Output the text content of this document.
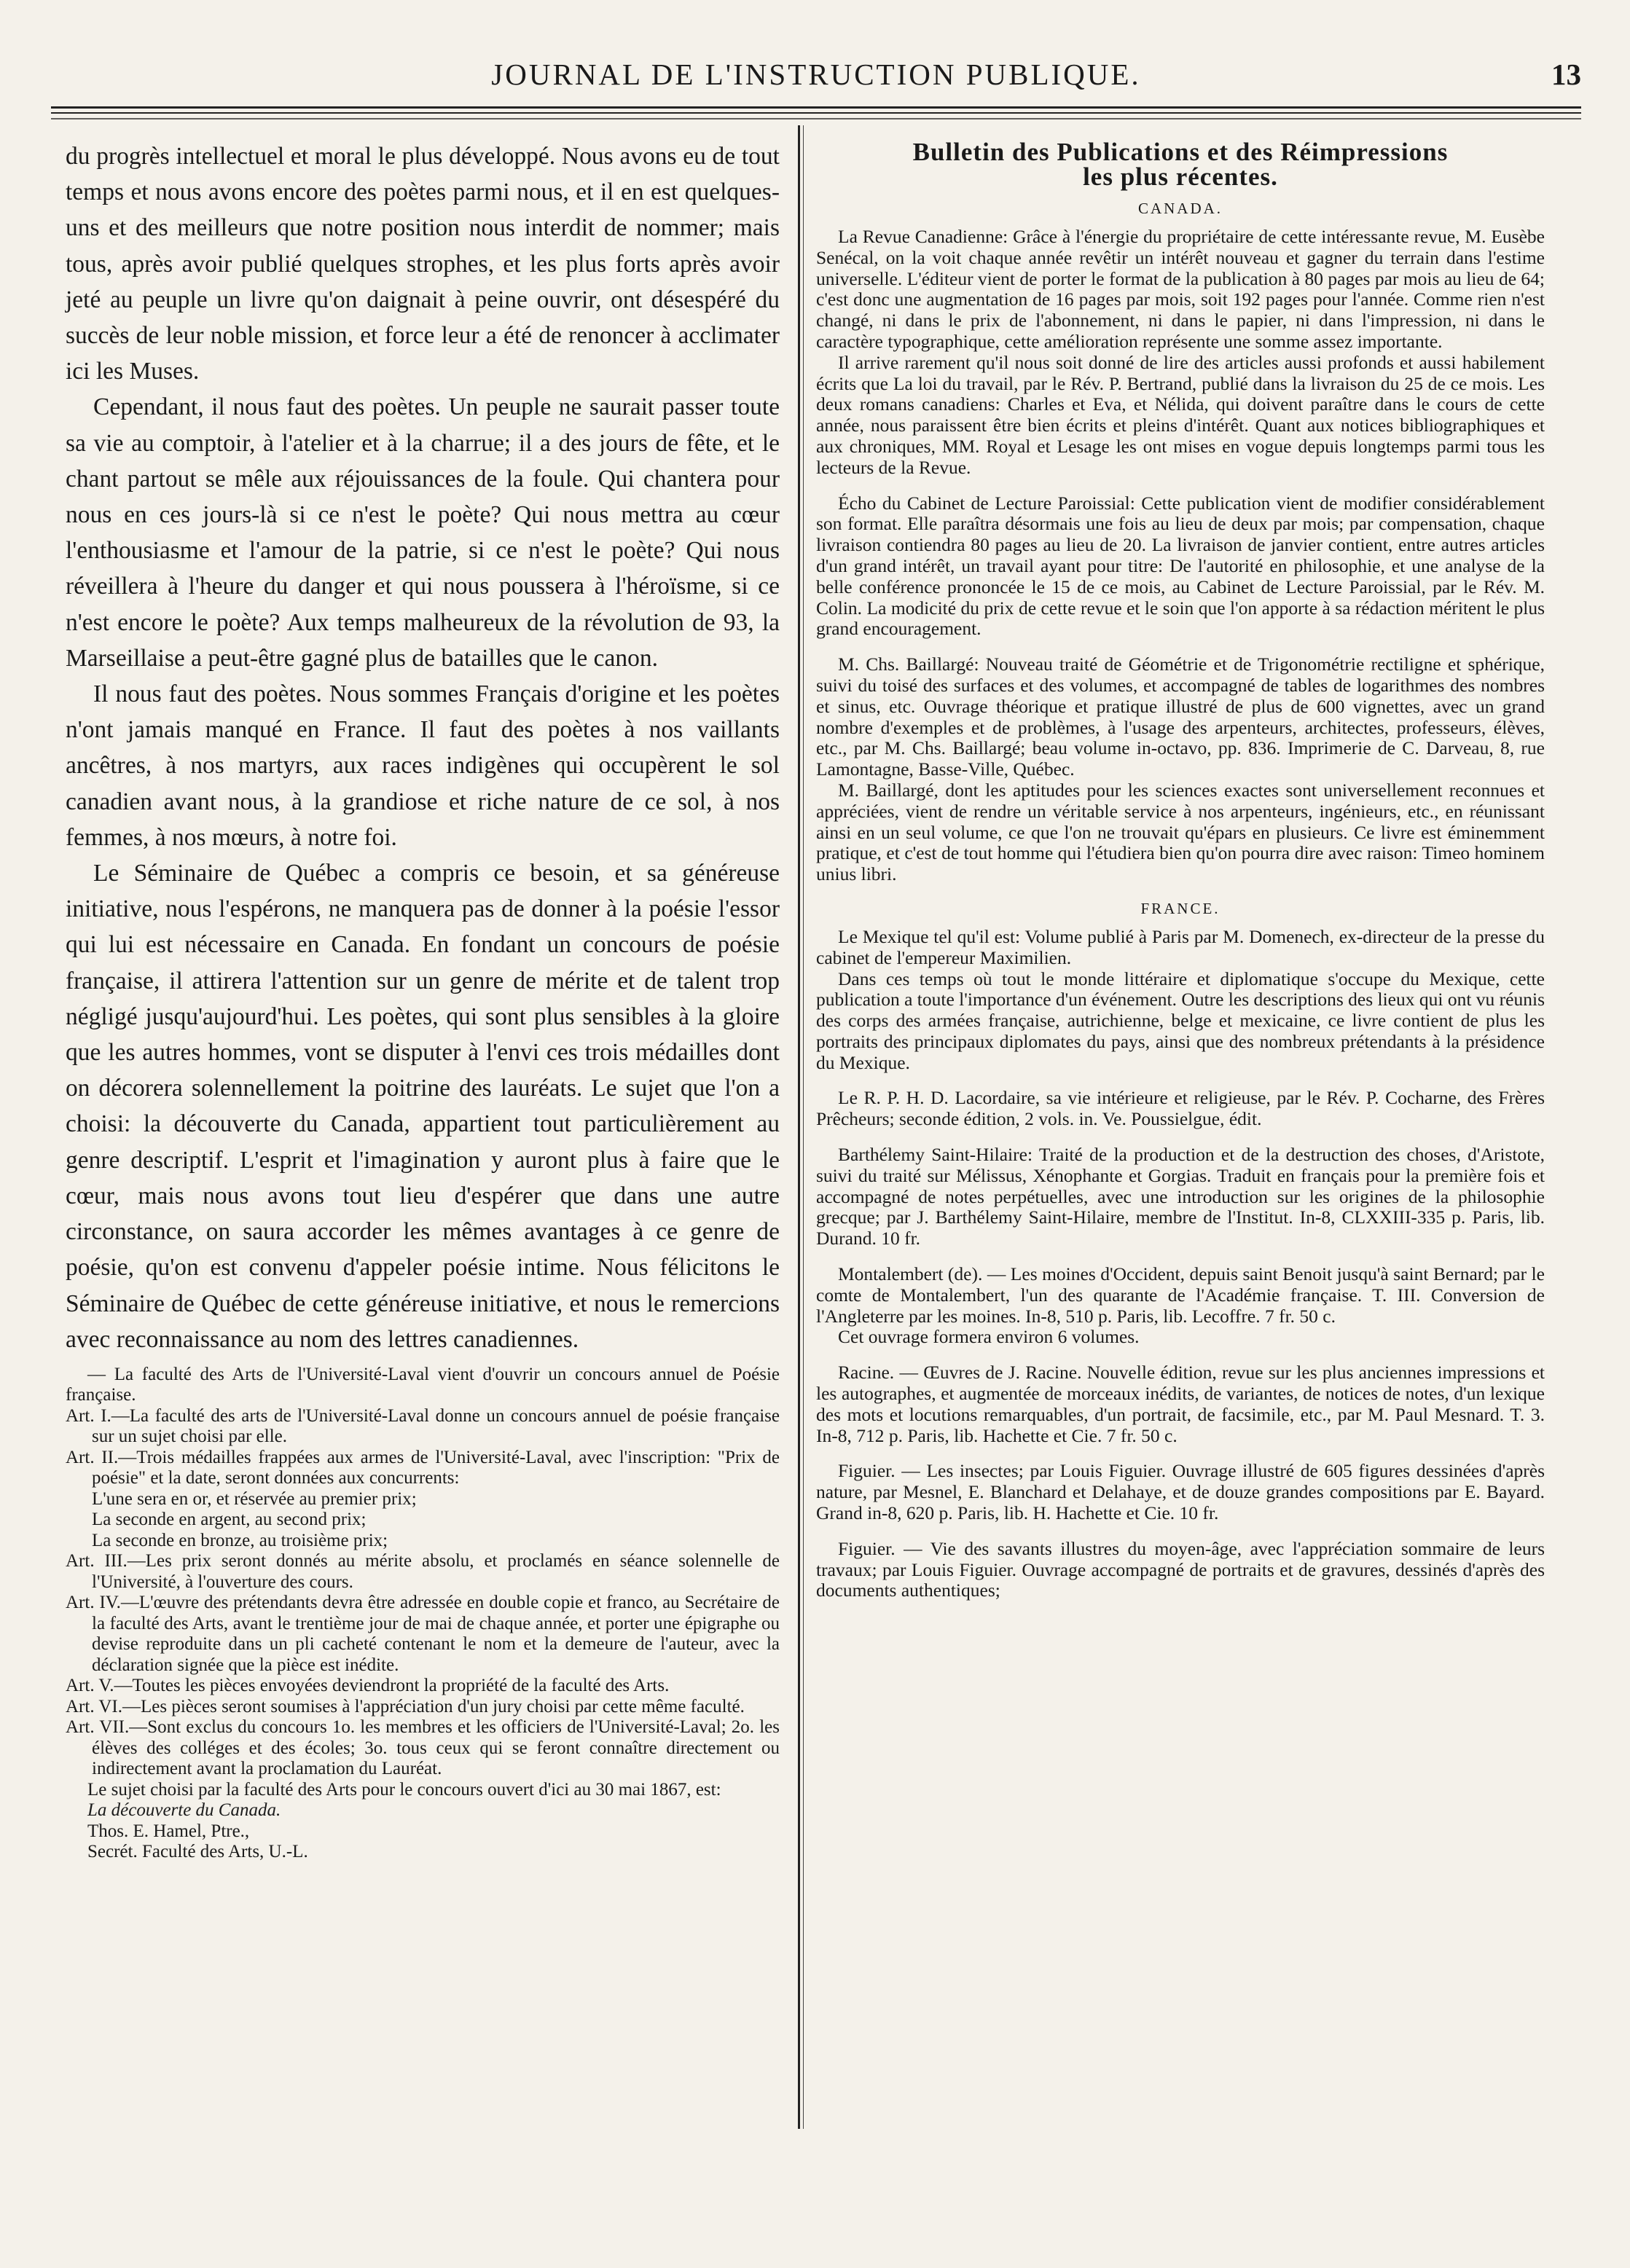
JOURNAL DE L'INSTRUCTION PUBLIQUE.	13

du progrès intellectuel et moral le plus développé. Nous avons eu de tout temps et nous avons encore des poètes parmi nous, et il en est quelques-uns et des meilleurs que notre position nous interdit de nommer; mais tous, après avoir publié quelques strophes, et les plus forts après avoir jeté au peuple un livre qu'on daignait à peine ouvrir, ont désespéré du succès de leur noble mission, et force leur a été de renoncer à acclimater ici les Muses.

Cependant, il nous faut des poètes. Un peuple ne saurait passer toute sa vie au comptoir, à l'atelier et à la charrue; il a des jours de fête, et le chant partout se mêle aux réjouissances de la foule. Qui chantera pour nous en ces jours-là si ce n'est le poète? Qui nous mettra au cœur l'enthousiasme et l'amour de la patrie, si ce n'est le poète? Qui nous réveillera à l'heure du danger et qui nous poussera à l'héroïsme, si ce n'est encore le poète? Aux temps malheureux de la révolution de 93, la Marseillaise a peut-être gagné plus de batailles que le canon.

Il nous faut des poètes. Nous sommes Français d'origine et les poètes n'ont jamais manqué en France. Il faut des poètes à nos vaillants ancêtres, à nos martyrs, aux races indigènes qui occupèrent le sol canadien avant nous, à la grandiose et riche nature de ce sol, à nos femmes, à nos mœurs, à notre foi.

Le Séminaire de Québec a compris ce besoin, et sa généreuse initiative, nous l'espérons, ne manquera pas de donner à la poésie l'essor qui lui est nécessaire en Canada. En fondant un concours de poésie française, il attirera l'attention sur un genre de mérite et de talent trop négligé jusqu'aujourd'hui. Les poètes, qui sont plus sensibles à la gloire que les autres hommes, vont se disputer à l'envi ces trois médailles dont on décorera solennellement la poitrine des lauréats. Le sujet que l'on a choisi: la découverte du Canada, appartient tout particulièrement au genre descriptif. L'esprit et l'imagination y auront plus à faire que le cœur, mais nous avons tout lieu d'espérer que dans une autre circonstance, on saura accorder les mêmes avantages à ce genre de poésie, qu'on est convenu d'appeler poésie intime. Nous félicitons le Séminaire de Québec de cette généreuse initiative, et nous le remercions avec reconnaissance au nom des lettres canadiennes.

— La faculté des Arts de l'Université-Laval vient d'ouvrir un concours annuel de Poésie française.

Art. I.—La faculté des arts de l'Université-Laval donne un concours annuel de poésie française sur un sujet choisi par elle.

Art. II.—Trois médailles frappées aux armes de l'Université-Laval, avec l'inscription: "Prix de poésie" et la date, seront données aux concurrents:

L'une sera en or, et réservée au premier prix;

La seconde en argent, au second prix;

La seconde en bronze, au troisième prix;

Art. III.—Les prix seront donnés au mérite absolu, et proclamés en séance solennelle de l'Université, à l'ouverture des cours.

Art. IV.—L'œuvre des prétendants devra être adressée en double copie et franco, au Secrétaire de la faculté des Arts, avant le trentième jour de mai de chaque année, et porter une épigraphe ou devise reproduite dans un pli cacheté contenant le nom et la demeure de l'auteur, avec la déclaration signée que la pièce est inédite.

Art. V.—Toutes les pièces envoyées deviendront la propriété de la faculté des Arts.

Art. VI.—Les pièces seront soumises à l'appréciation d'un jury choisi par cette même faculté.

Art. VII.—Sont exclus du concours 1o. les membres et les officiers de l'Université-Laval; 2o. les élèves des colléges et des écoles; 3o. tous ceux qui se feront connaître directement ou indirectement avant la proclamation du Lauréat.

Le sujet choisi par la faculté des Arts pour le concours ouvert d'ici au 30 mai 1867, est:

La découverte du Canada.

Thos. E. Hamel, Ptre.,

Secrét. Faculté des Arts, U.-L.

Bulletin des Publications et des Réimpressions

les plus récentes.

CANADA.

La Revue Canadienne: Grâce à l'énergie du propriétaire de cette intéressante revue, M. Eusèbe Senécal, on la voit chaque année revêtir un intérêt nouveau et gagner du terrain dans l'estime universelle. L'éditeur vient de porter le format de la publication à 80 pages par mois au lieu de 64; c'est donc une augmentation de 16 pages par mois, soit 192 pages pour l'année. Comme rien n'est changé, ni dans le prix de l'abonnement, ni dans le papier, ni dans l'impression, ni dans le caractère typographique, cette amélioration représente une somme assez importante.

Il arrive rarement qu'il nous soit donné de lire des articles aussi profonds et aussi habilement écrits que La loi du travail, par le Rév. P. Bertrand, publié dans la livraison du 25 de ce mois. Les deux romans canadiens: Charles et Eva, et Nélida, qui doivent paraître dans le cours de cette année, nous paraissent être bien écrits et pleins d'intérêt. Quant aux notices bibliographiques et aux chroniques, MM. Royal et Lesage les ont mises en vogue depuis longtemps parmi tous les lecteurs de la Revue.

Écho du Cabinet de Lecture Paroissial: Cette publication vient de modifier considérablement son format. Elle paraîtra désormais une fois au lieu de deux par mois; par compensation, chaque livraison contiendra 80 pages au lieu de 20. La livraison de janvier contient, entre autres articles d'un grand intérêt, un travail ayant pour titre: De l'autorité en philosophie, et une analyse de la belle conférence prononcée le 15 de ce mois, au Cabinet de Lecture Paroissial, par le Rév. M. Colin. La modicité du prix de cette revue et le soin que l'on apporte à sa rédaction méritent le plus grand encouragement.

M. Chs. Baillargé: Nouveau traité de Géométrie et de Trigonométrie rectiligne et sphérique, suivi du toisé des surfaces et des volumes, et accompagné de tables de logarithmes des nombres et sinus, etc. Ouvrage théorique et pratique illustré de plus de 600 vignettes, avec un grand nombre d'exemples et de problèmes, à l'usage des arpenteurs, architectes, professeurs, élèves, etc., par M. Chs. Baillargé; beau volume in-octavo, pp. 836. Imprimerie de C. Darveau, 8, rue Lamontagne, Basse-Ville, Québec.

M. Baillargé, dont les aptitudes pour les sciences exactes sont universellement reconnues et appréciées, vient de rendre un véritable service à nos arpenteurs, ingénieurs, etc., en réunissant ainsi en un seul volume, ce que l'on ne trouvait qu'épars en plusieurs. Ce livre est éminemment pratique, et c'est de tout homme qui l'étudiera bien qu'on pourra dire avec raison: Timeo hominem unius libri.

FRANCE.

Le Mexique tel qu'il est: Volume publié à Paris par M. Domenech, ex-directeur de la presse du cabinet de l'empereur Maximilien.

Dans ces temps où tout le monde littéraire et diplomatique s'occupe du Mexique, cette publication a toute l'importance d'un événement. Outre les descriptions des lieux qui ont vu réunis des corps des armées française, autrichienne, belge et mexicaine, ce livre contient de plus les portraits des principaux diplomates du pays, ainsi que des nombreux prétendants à la présidence du Mexique.

Le R. P. H. D. Lacordaire, sa vie intérieure et religieuse, par le Rév. P. Cocharne, des Frères Prêcheurs; seconde édition, 2 vols. in. Ve. Poussielgue, édit.

Barthélemy Saint-Hilaire: Traité de la production et de la destruction des choses, d'Aristote, suivi du traité sur Mélissus, Xénophante et Gorgias. Traduit en français pour la première fois et accompagné de notes perpétuelles, avec une introduction sur les origines de la philosophie grecque; par J. Barthélemy Saint-Hilaire, membre de l'Institut. In-8, CLXXIII-335 p. Paris, lib. Durand. 10 fr.

Montalembert (de). — Les moines d'Occident, depuis saint Benoit jusqu'à saint Bernard; par le comte de Montalembert, l'un des quarante de l'Académie française. T. III. Conversion de l'Angleterre par les moines. In-8, 510 p. Paris, lib. Lecoffre. 7 fr. 50 c.

Cet ouvrage formera environ 6 volumes.

Racine. — Œuvres de J. Racine. Nouvelle édition, revue sur les plus anciennes impressions et les autographes, et augmentée de morceaux inédits, de variantes, de notices de notes, d'un lexique des mots et locutions remarquables, d'un portrait, de facsimile, etc., par M. Paul Mesnard. T. 3. In-8, 712 p. Paris, lib. Hachette et Cie. 7 fr. 50 c.

Figuier. — Les insectes; par Louis Figuier. Ouvrage illustré de 605 figures dessinées d'après nature, par Mesnel, E. Blanchard et Delahaye, et de douze grandes compositions par E. Bayard. Grand in-8, 620 p. Paris, lib. H. Hachette et Cie. 10 fr.

Figuier. — Vie des savants illustres du moyen-âge, avec l'appréciation sommaire de leurs travaux; par Louis Figuier. Ouvrage accompagné de portraits et de gravures, dessinés d'après des documents authentiques;
